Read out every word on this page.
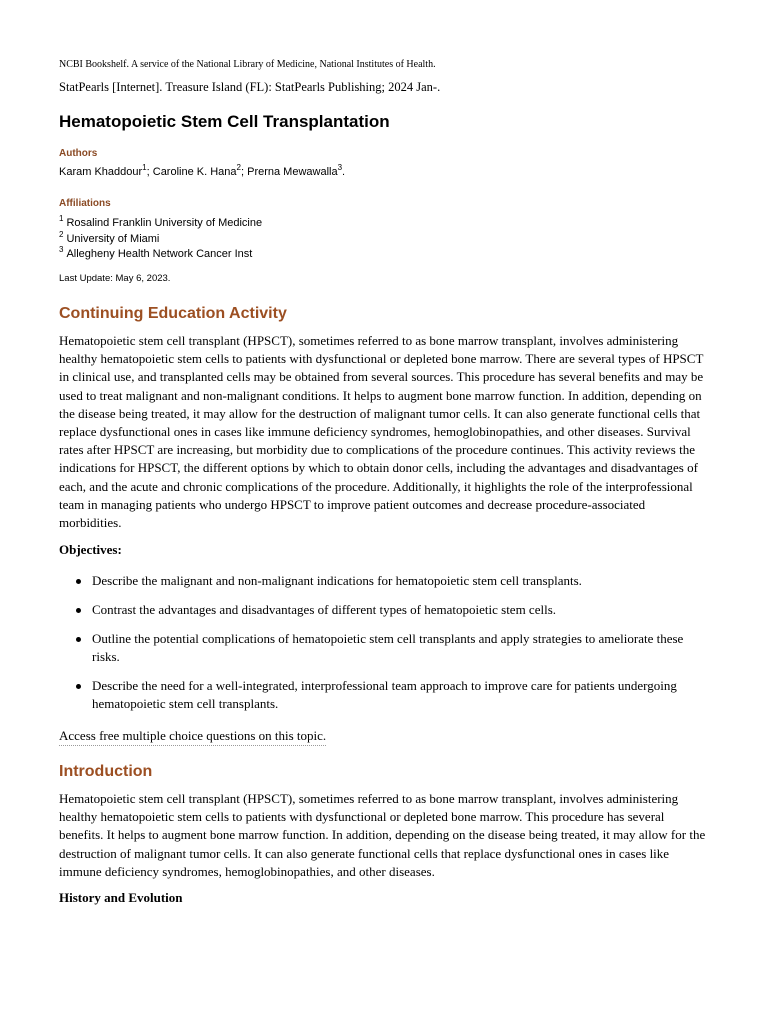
NCBI Bookshelf. A service of the National Library of Medicine, National Institutes of Health.
StatPearls [Internet]. Treasure Island (FL): StatPearls Publishing; 2024 Jan-.
Hematopoietic Stem Cell Transplantation
Authors
Karam Khaddour$^1$; Caroline K. Hana$^2$; Prerna Mewawalla$^3$.
Affiliations
$^1$ Rosalind Franklin University of Medicine
$^2$ University of Miami
$^3$ Allegheny Health Network Cancer Inst
Last Update: May 6, 2023.
Continuing Education Activity

Hematopoietic stem cell transplant (HPSCT), sometimes referred to as bone marrow transplant, involves administering healthy hematopoietic stem cells to patients with dysfunctional or depleted bone marrow. There are several types of HPSCT in clinical use, and transplanted cells may be obtained from several sources. This procedure has several benefits and may be used to treat malignant and non-malignant conditions. It helps to augment bone marrow function. In addition, depending on the disease being treated, it may allow for the destruction of malignant tumor cells. It can also generate functional cells that replace dysfunctional ones in cases like immune deficiency syndromes, hemoglobinopathies, and other diseases. Survival rates after HPSCT are increasing, but morbidity due to complications of the procedure continues. This activity reviews the indications for HPSCT, the different options by which to obtain donor cells, including the advantages and disadvantages of each, and the acute and chronic complications of the procedure. Additionally, it highlights the role of the interprofessional team in managing patients who undergo HPSCT to improve patient outcomes and decrease procedure-associated morbidities.

Objectives:
Describe the malignant and non-malignant indications for hematopoietic stem cell transplants.
Contrast the advantages and disadvantages of different types of hematopoietic stem cells.
Outline the potential complications of hematopoietic stem cell transplants and apply strategies to ameliorate these risks.
Describe the need for a well-integrated, interprofessional team approach to improve care for patients undergoing hematopoietic stem cell transplants.
Access free multiple choice questions on this topic.
Introduction

Hematopoietic stem cell transplant (HPSCT), sometimes referred to as bone marrow transplant, involves administering healthy hematopoietic stem cells to patients with dysfunctional or depleted bone marrow. This procedure has several benefits. It helps to augment bone marrow function. In addition, depending on the disease being treated, it may allow for the destruction of malignant tumor cells. It can also generate functional cells that replace dysfunctional ones in cases like immune deficiency syndromes, hemoglobinopathies, and other diseases.

History and Evolution
